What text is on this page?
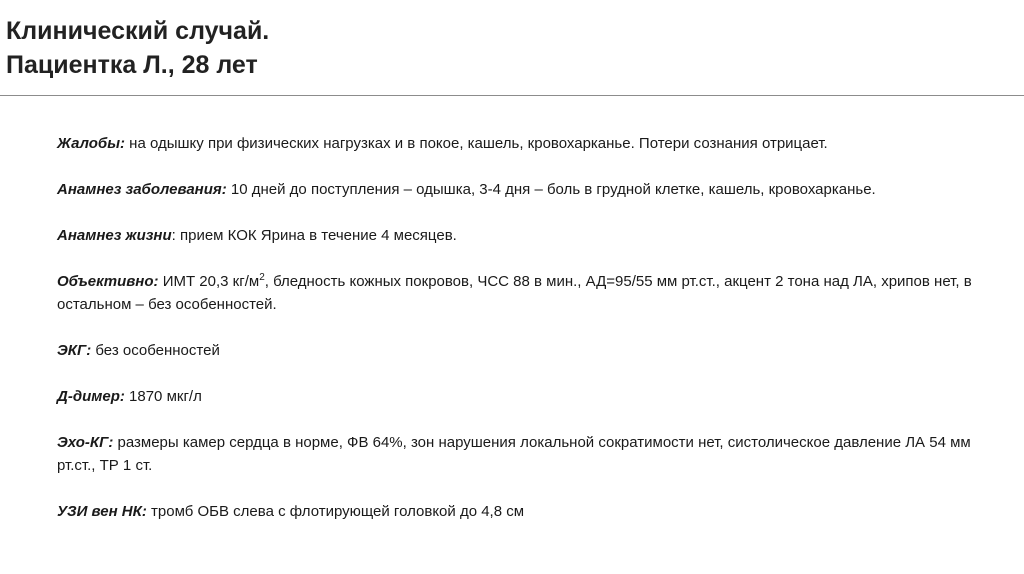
Клинический случай.
Пациентка Л., 28 лет

Жалобы: на одышку при физических нагрузках и в покое, кашель, кровохарканье. Потери сознания отрицает.

Анамнез заболевания: 10 дней до поступления – одышка, 3-4 дня – боль в грудной клетке, кашель, кровохарканье.

Анамнез жизни: прием КОК Ярина в течение 4 месяцев.

Объективно: ИМТ 20,3 $кг/м^2$, бледность кожных покровов, ЧСС 88 в мин., АД=95/55 мм рт.ст., акцент 2 тона над ЛА, хрипов нет, в остальном – без особенностей.

ЭКГ: без особенностей

Д-димер: 1870 мкг/л

Эхо-КГ: размеры камер сердца в норме, ФВ 64%, зон нарушения локальной сократимости нет, систолическое давление ЛА 54 мм рт.ст., ТР 1 ст.

УЗИ вен НК: тромб ОБВ слева с флотирующей головкой до 4,8 см
